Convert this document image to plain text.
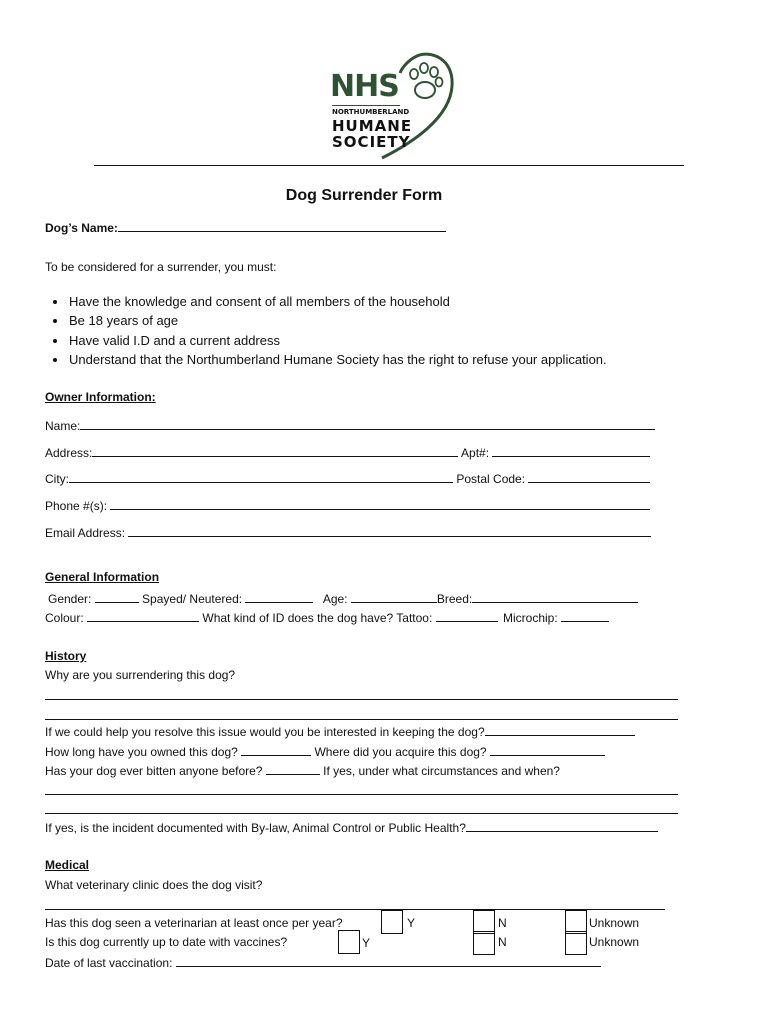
NHS
NORTHUMBERLAND
HUMANE
SOCIETY
Dog Surrender Form
Dog’s Name:
To be considered for a surrender, you must:
• Have the knowledge and consent of all members of the household
• Be 18 years of age
• Have valid I.D and a current address
• Understand that the Northumberland Humane Society has the right to refuse your application.
Owner Information:
Name:
Address:	Apt#:
City:	Postal Code:
Phone #(s):
Email Address:
General Information
Gender:	Spayed/ Neutered:	Age:	Breed:
Colour:	What kind of ID does the dog have? Tattoo:	Microchip:
History
Why are you surrendering this dog?
If we could help you resolve this issue would you be interested in keeping the dog?
How long have you owned this dog?	Where did you acquire this dog?
Has your dog ever bitten anyone before?	If yes, under what circumstances and when?
If yes, is the incident documented with By-law, Animal Control or Public Health?
Medical
What veterinary clinic does the dog visit?
Has this dog seen a veterinarian at least once per year?	Y	N	Unknown
Is this dog currently up to date with vaccines?	Y	N	Unknown
Date of last vaccination:
